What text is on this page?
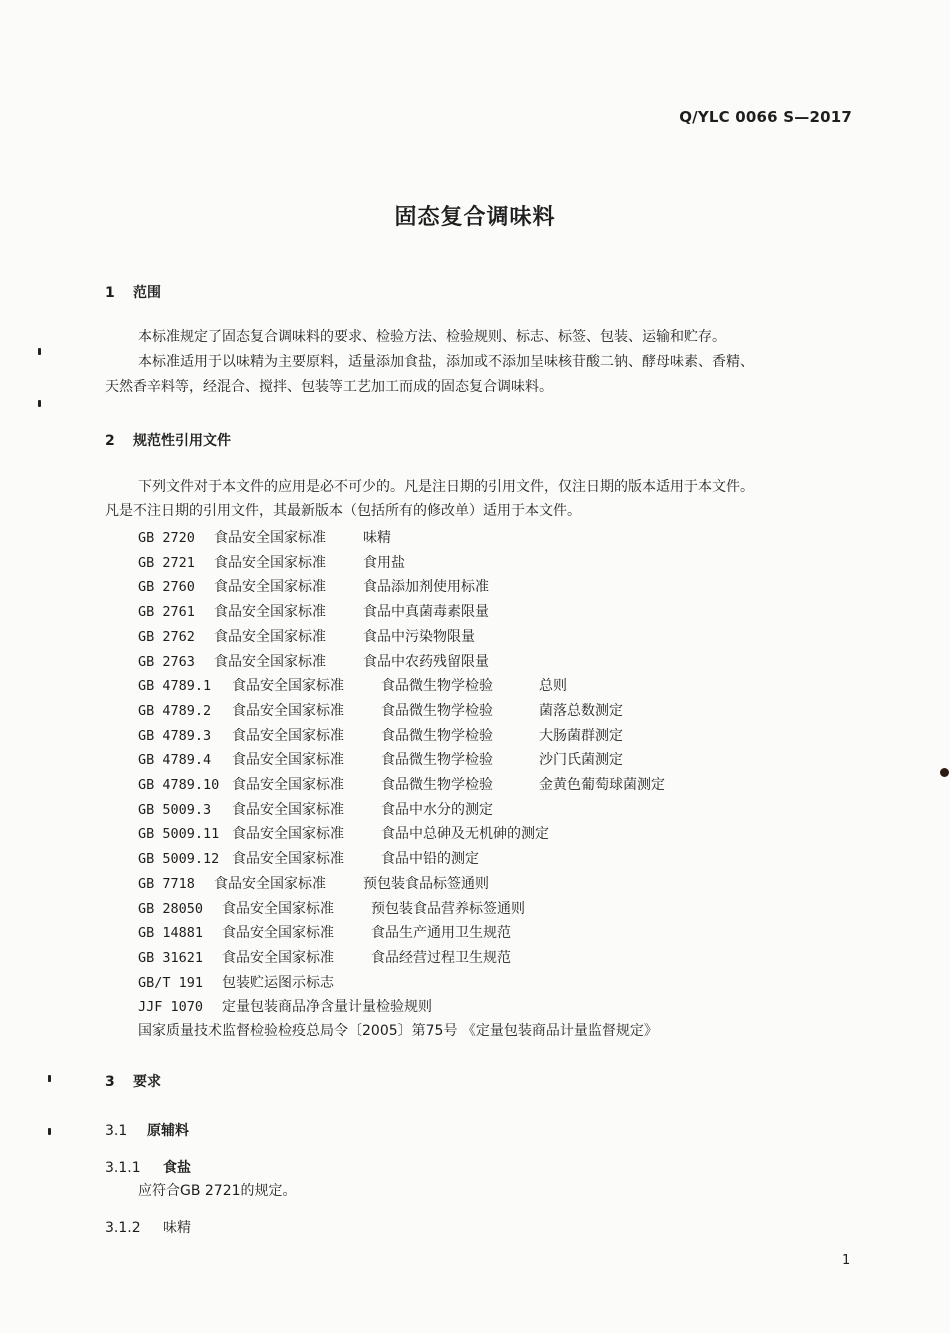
Q/YLC 0066 S—2017
固态复合调味料
1 范围
本标准规定了固态复合调味料的要求、检验方法、检验规则、标志、标签、包装、运输和贮存。
本标准适用于以味精为主要原料，适量添加食盐，添加或不添加呈味核苷酸二钠、酵母味素、香精、
天然香辛料等，经混合、搅拌、包装等工艺加工而成的固态复合调味料。
2 规范性引用文件
下列文件对于本文件的应用是必不可少的。凡是注日期的引用文件，仅注日期的版本适用于本文件。
凡是不注日期的引用文件，其最新版本（包括所有的修改单）适用于本文件。
GB 2720 食品安全国家标准	味精
GB 2721 食品安全国家标准	食用盐
GB 2760 食品安全国家标准	食品添加剂使用标准
GB 2761 食品安全国家标准	食品中真菌毒素限量
GB 2762 食品安全国家标准	食品中污染物限量
GB 2763 食品安全国家标准	食品中农药残留限量
GB 4789.1 食品安全国家标准	食品微生物学检验	总则
GB 4789.2 食品安全国家标准	食品微生物学检验	菌落总数测定
GB 4789.3 食品安全国家标准	食品微生物学检验	大肠菌群测定
GB 4789.4 食品安全国家标准	食品微生物学检验	沙门氏菌测定
GB 4789.10 食品安全国家标准	食品微生物学检验	金黄色葡萄球菌测定
GB 5009.3 食品安全国家标准	食品中水分的测定
GB 5009.11 食品安全国家标准	食品中总砷及无机砷的测定
GB 5009.12 食品安全国家标准	食品中铅的测定
GB 7718 食品安全国家标准	预包装食品标签通则
GB 28050 食品安全国家标准	预包装食品营养标签通则
GB 14881 食品安全国家标准	食品生产通用卫生规范
GB 31621 食品安全国家标准	食品经营过程卫生规范
GB/T 191 包装贮运图示标志
JJF 1070 定量包装商品净含量计量检验规则
国家质量技术监督检验检疫总局令〔2005〕第75号 《定量包装商品计量监督规定》
3 要求
3.1 原辅料
3.1.1 食盐
应符合GB 2721的规定。
3.1.2 味精
1
